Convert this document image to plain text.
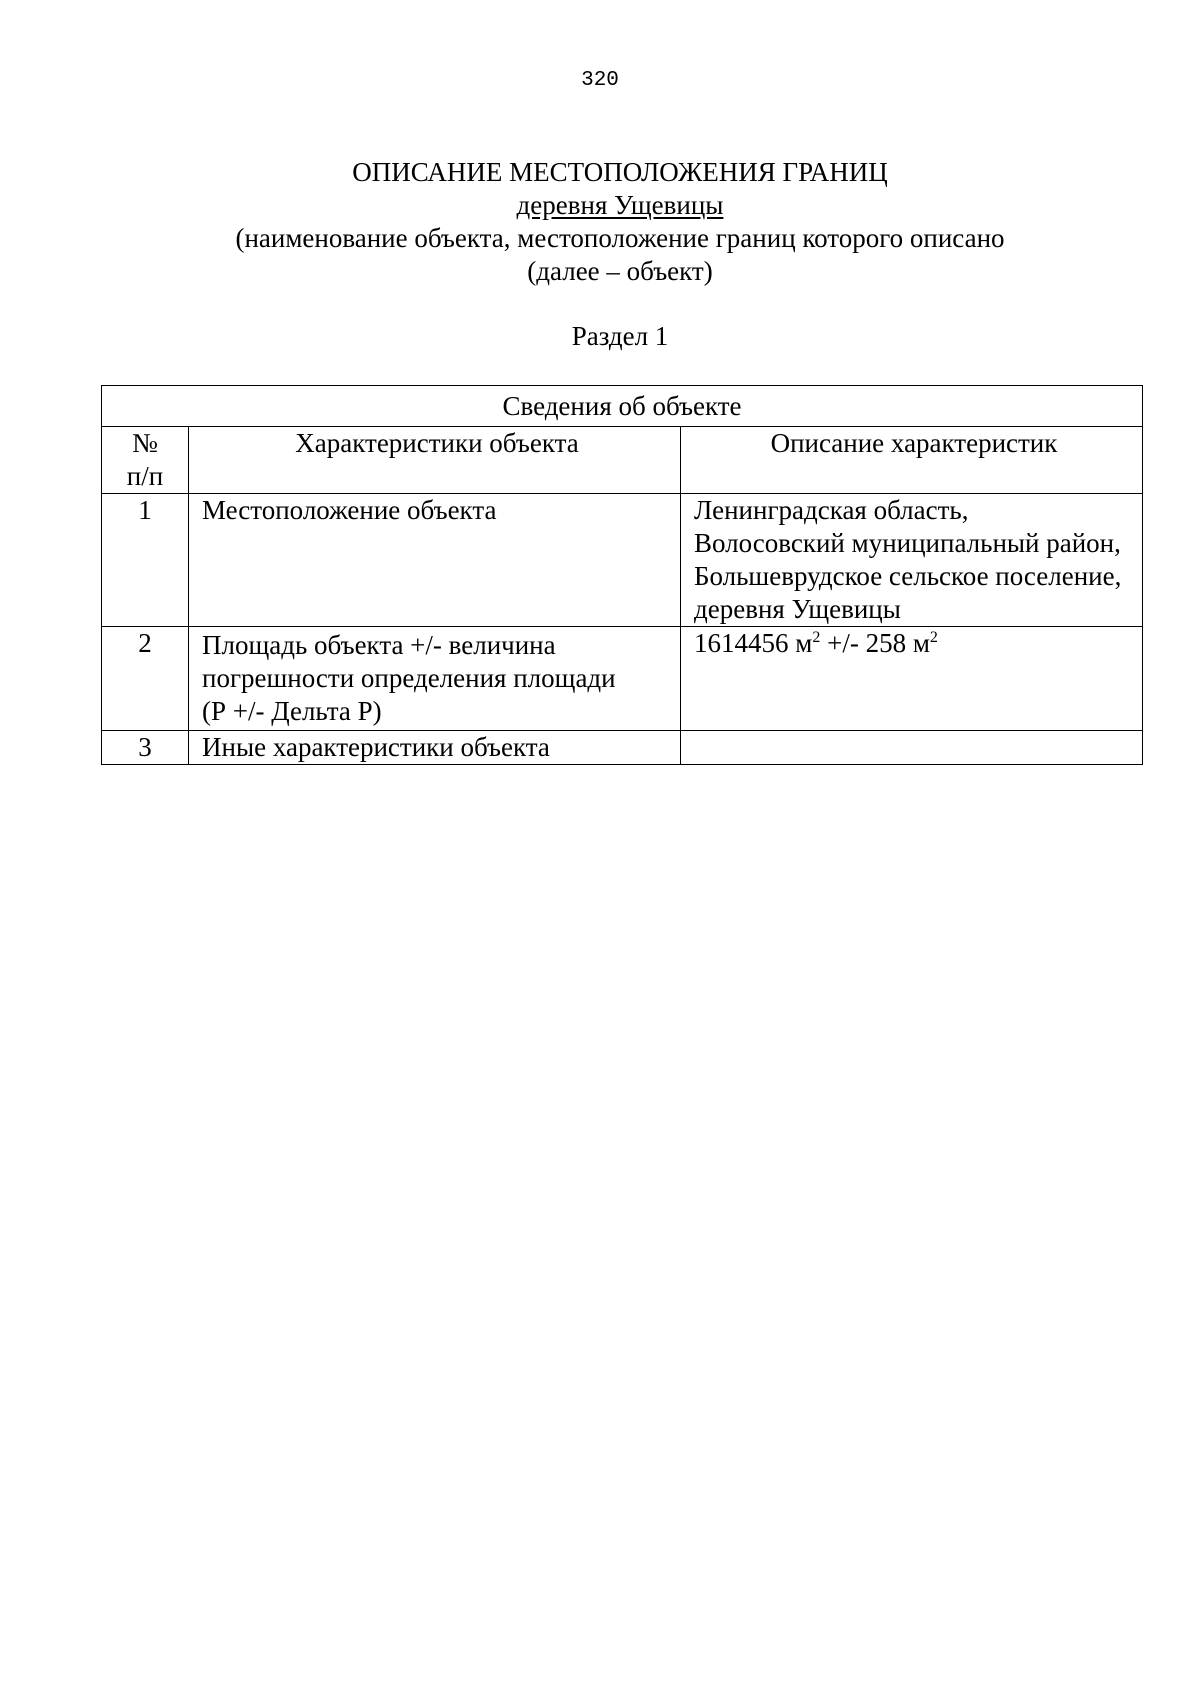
320
ОПИСАНИЕ МЕСТОПОЛОЖЕНИЯ ГРАНИЦ
деревня Ущевицы
(наименование объекта, местоположение границ которого описано
(далее – объект)
Раздел 1
Сведения об объекте		

№
п/п	Характеристики объекта	Описание характеристик
1	Местоположение объекта	Ленинградская область,
Волосовский муниципальный район,
Большеврудское сельское поселение,
деревня Ущевицы

2	Площадь объекта +/- величина
погрешности определения площади
(Р +/- Дельта Р)	1614456 $м^2$ +/- 258 $м^2$
3	Иные характеристики объекта	
